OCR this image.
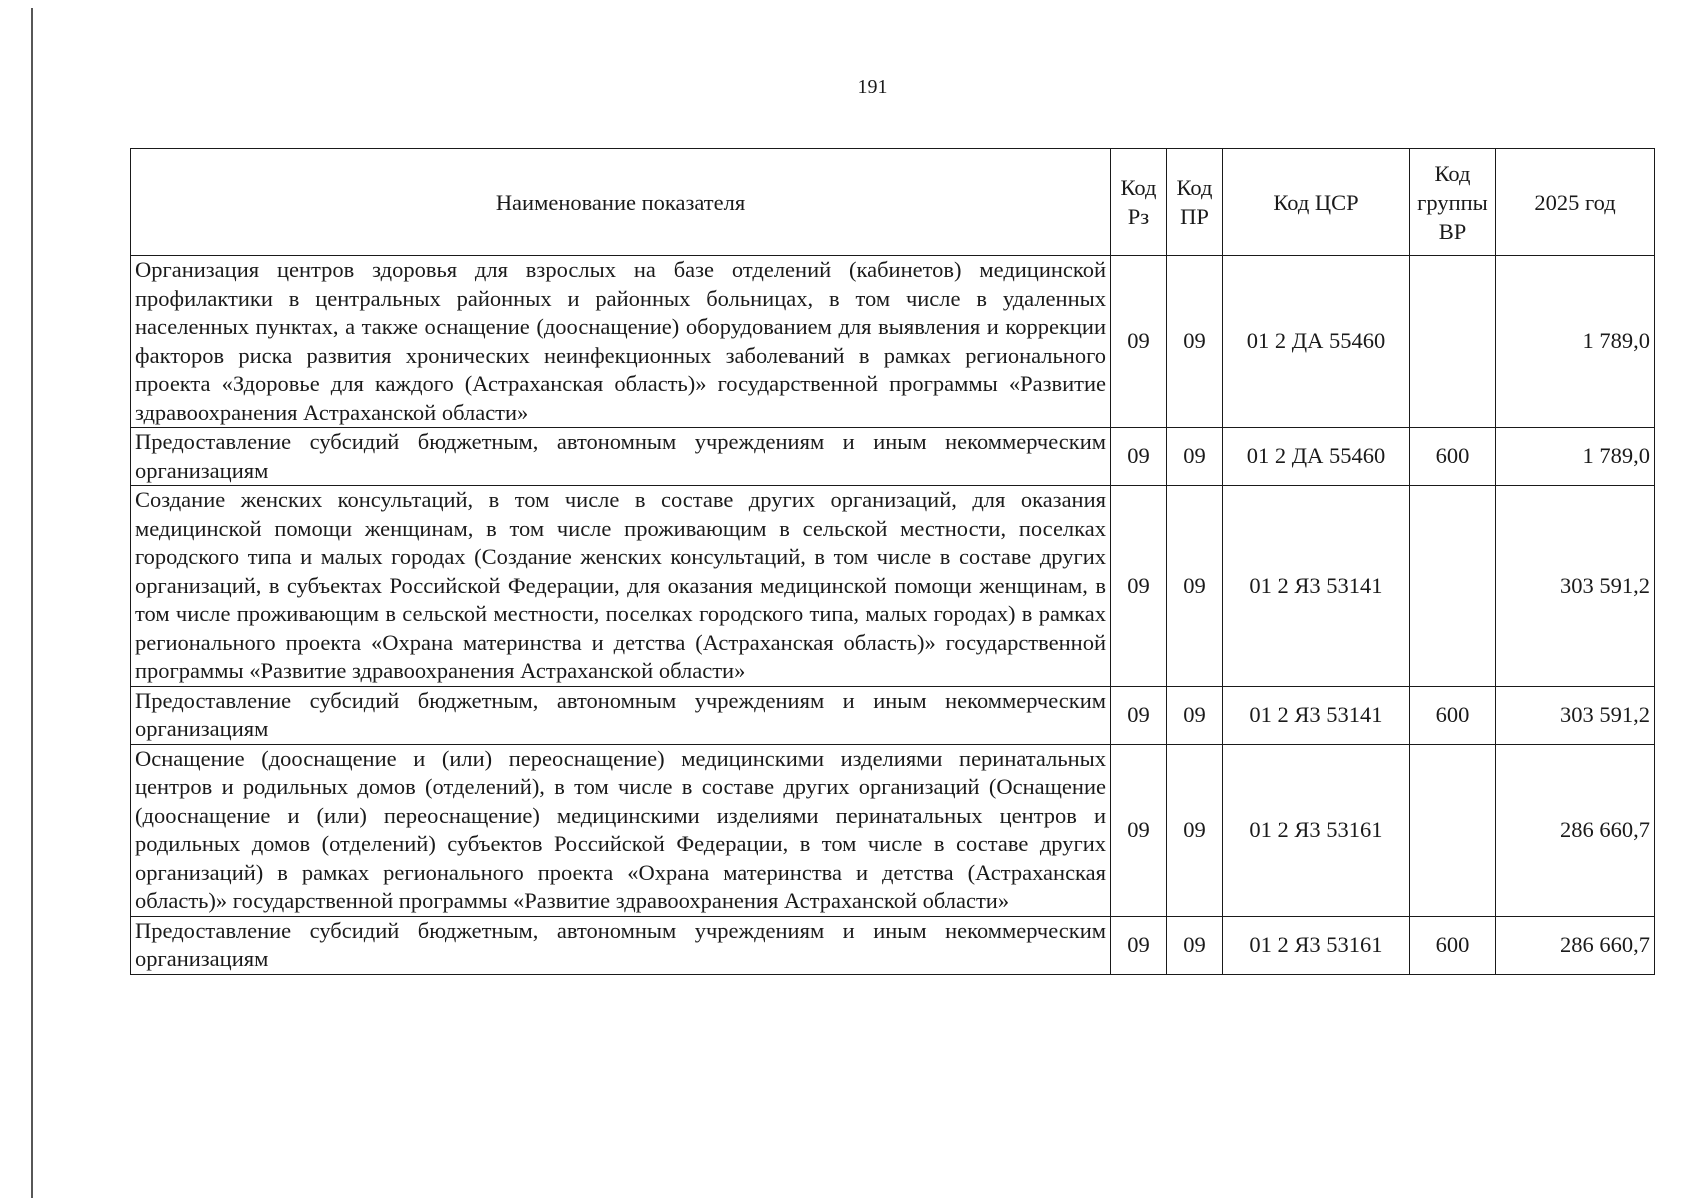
191
Наименование показателя	Код Рз	Код ПР	Код ЦСР	Код группы ВР	2025 год
Организация центров здоровья для взрослых на базе отделений (кабинетов) медицинской профилактики в центральных районных и районных больницах, в том числе в удаленных населенных пунктах, а также оснащение (дооснащение) оборудованием для выявления и коррекции факторов риска развития хронических неинфекционных заболеваний в рамках регионального проекта «Здоровье для каждого (Астраханская область)» государственной программы «Развитие здравоохранения Астраханской области»	09	09	01 2 ДА 55460		1 789,0
Предоставление субсидий бюджетным, автономным учреждениям и иным некоммерческим организациям	09	09	01 2 ДА 55460	600	1 789,0
Создание женских консультаций, в том числе в составе других организаций, для оказания медицинской помощи женщинам, в том числе проживающим в сельской местности, поселках городского типа и малых городах (Создание женских консультаций, в том числе в составе других организаций, в субъектах Российской Федерации, для оказания медицинской помощи женщинам, в том числе проживающим в сельской местности, поселках городского типа, малых городах) в рамках регионального проекта «Охрана материнства и детства (Астраханская область)» государственной программы «Развитие здравоохранения Астраханской области»	09	09	01 2 Я3 53141		303 591,2
Предоставление субсидий бюджетным, автономным учреждениям и иным некоммерческим организациям	09	09	01 2 Я3 53141	600	303 591,2
Оснащение (дооснащение и (или) переоснащение) медицинскими изделиями перинатальных центров и родильных домов (отделений), в том числе в составе других организаций (Оснащение (дооснащение и (или) переоснащение) медицинскими изделиями перинатальных центров и родильных домов (отделений) субъектов Российской Федерации, в том числе в составе других организаций) в рамках регионального проекта «Охрана материнства и детства (Астраханская область)» государственной программы «Развитие здравоохранения Астраханской области»	09	09	01 2 Я3 53161		286 660,7
Предоставление субсидий бюджетным, автономным учреждениям и иным некоммерческим организациям	09	09	01 2 Я3 53161	600	286 660,7
